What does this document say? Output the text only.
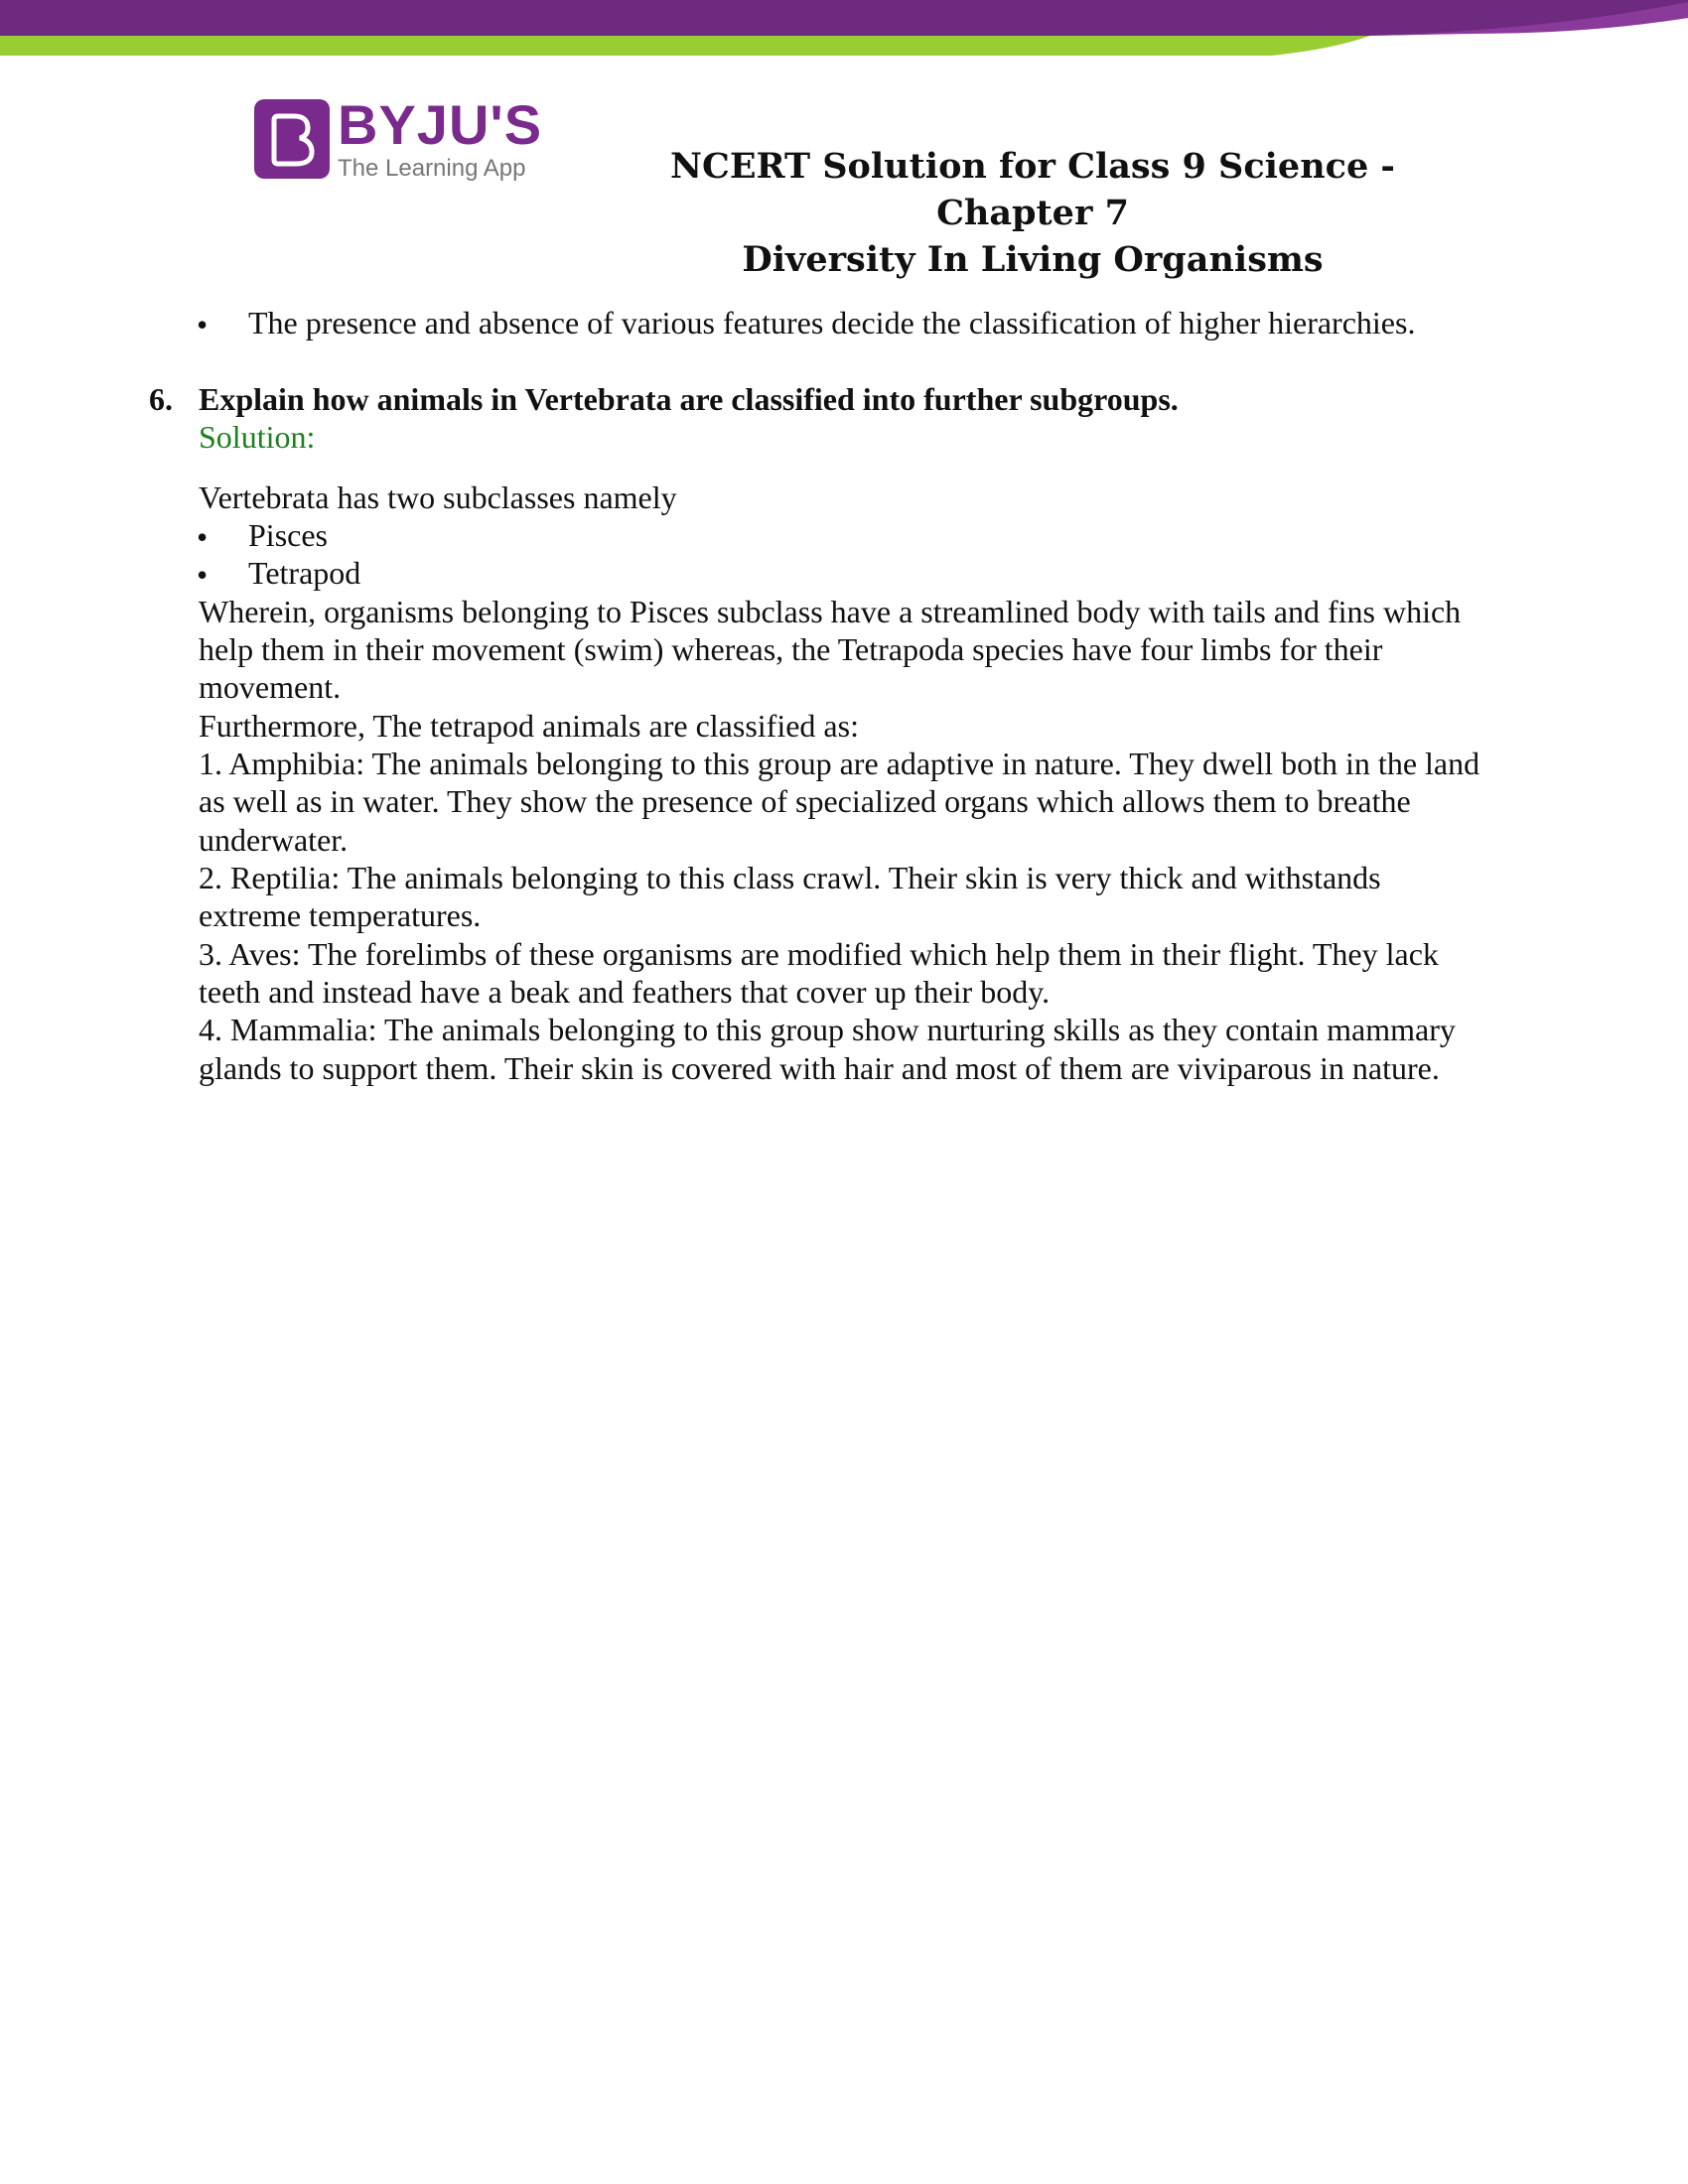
BYJU'S
The Learning App	NCERT Solution for Class 9 Science - Chapter 7
Diversity In Living Organisms
• The presence and absence of various features decide the classification of higher hierarchies.
6. Explain how animals in Vertebrata are classified into further subgroups.
Solution:
Vertebrata has two subclasses namely
• Pisces
• Tetrapod
Wherein, organisms belonging to Pisces subclass have a streamlined body with tails and fins which
help them in their movement (swim) whereas, the Tetrapoda species have four limbs for their
movement.
Furthermore, The tetrapod animals are classified as:
1. Amphibia: The animals belonging to this group are adaptive in nature. They dwell both in the land
as well as in water. They show the presence of specialized organs which allows them to breathe
underwater.
2. Reptilia: The animals belonging to this class crawl. Their skin is very thick and withstands
extreme temperatures.
3. Aves: The forelimbs of these organisms are modified which help them in their flight. They lack
teeth and instead have a beak and feathers that cover up their body.
4. Mammalia: The animals belonging to this group show nurturing skills as they contain mammary
glands to support them. Their skin is covered with hair and most of them are viviparous in nature.
